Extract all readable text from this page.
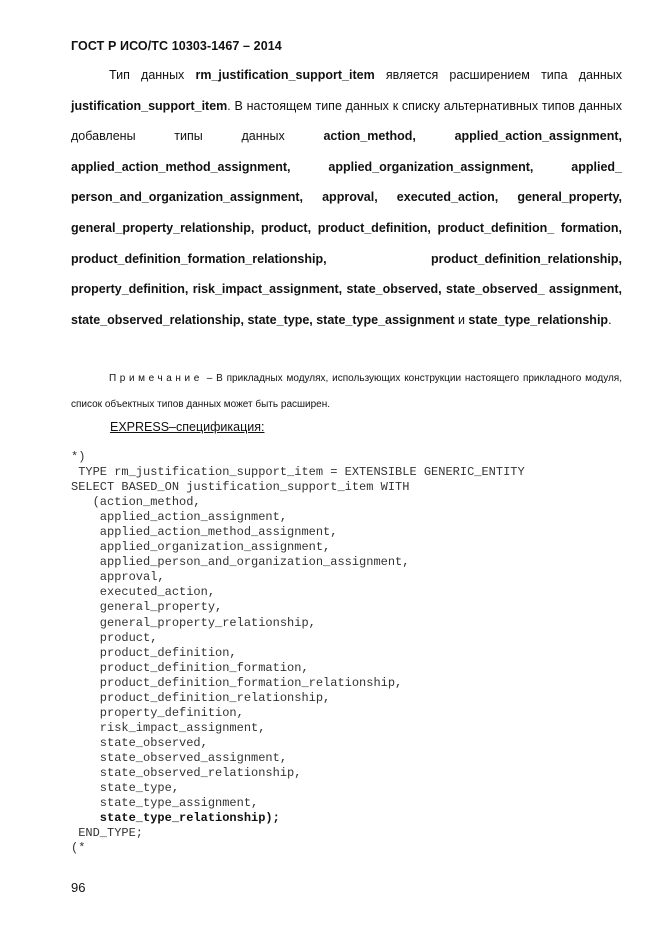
ГОСТ Р ИСО/ТС 10303-1467 – 2014

Тип данных rm_justification_support_item является расширением типа данных justification_support_item. В настоящем типе данных к списку альтернативных типов данных добавлены типы данных action_method, applied_action_assignment, applied_action_method_assignment, applied_organization_assignment, applied_ person_and_organization_assignment, approval, executed_action, general_property, general_property_relationship, product, product_definition, product_definition_ formation, product_definition_formation_relationship, product_definition_relationship, property_definition, risk_impact_assignment, state_observed, state_observed_ assignment, state_observed_relationship, state_type, state_type_assignment и state_type_relationship.

Примечание – В прикладных модулях, использующих конструкции настоящего прикладного модуля, список объектных типов данных может быть расширен.

EXPRESS–спецификация:
*)
TYPE rm_justification_support_item = EXTENSIBLE GENERIC_ENTITY
SELECT BASED_ON justification_support_item WITH
(action_method,
applied_action_assignment,
applied_action_method_assignment,
applied_organization_assignment,
applied_person_and_organization_assignment,
approval,
executed_action,
general_property,
general_property_relationship,
product,
product_definition,
product_definition_formation,
product_definition_formation_relationship,
product_definition_relationship,
property_definition,
risk_impact_assignment,
state_observed,
state_observed_assignment,
state_observed_relationship,
state_type,
state_type_assignment,
state_type_relationship);
END_TYPE;
(*
96
